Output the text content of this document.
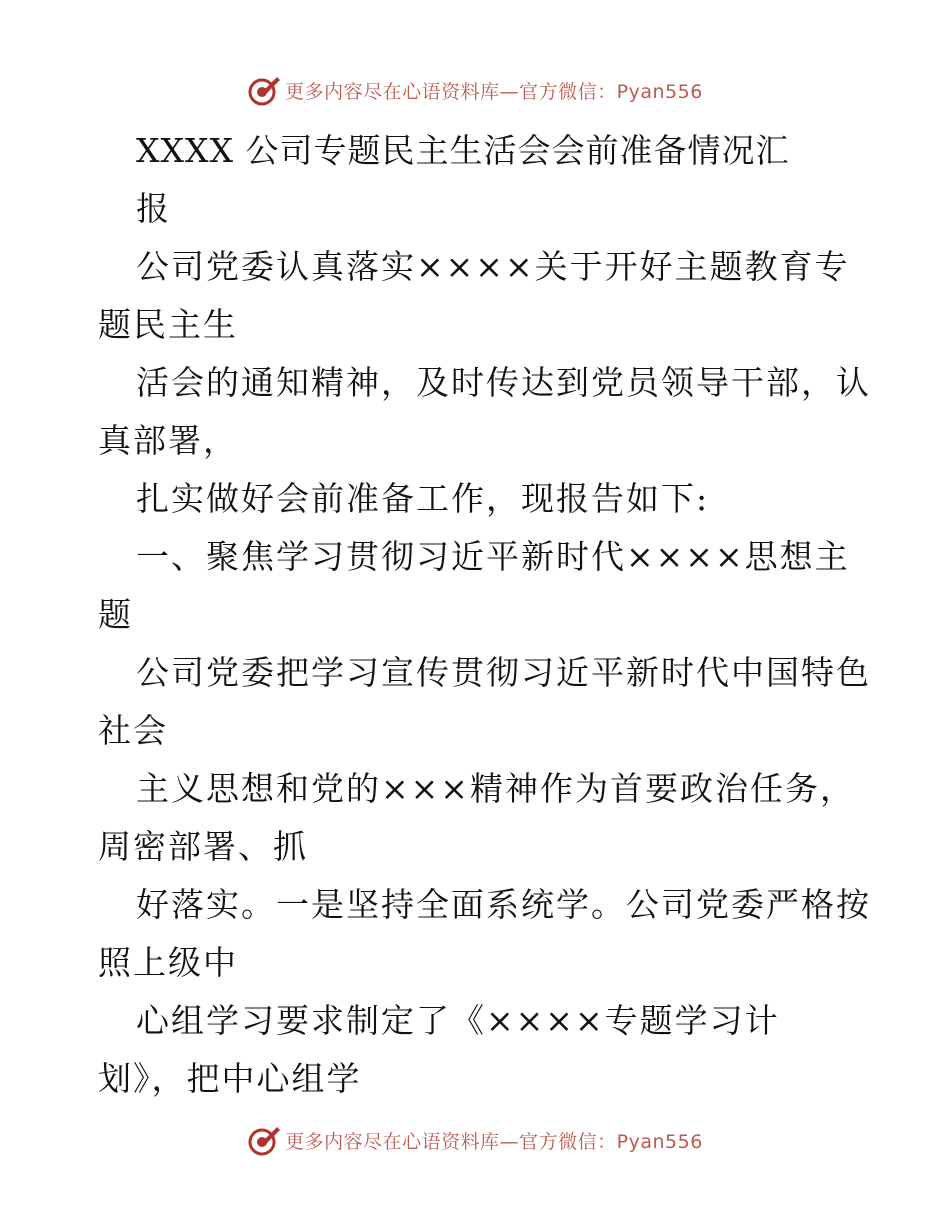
更多内容尽在心语资料库—官方微信：Pyan556
XXXX 公司专题民主生活会会前准备情况汇
报
公司党委认真落实××××关于开好主题教育专
题民主生
活会的通知精神，及时传达到党员领导干部，认
真部署，
扎实做好会前准备工作，现报告如下:
一、聚焦学习贯彻习近平新时代××××思想主
题
公司党委把学习宣传贯彻习近平新时代中国特色
社会
主义思想和党的×××精神作为首要政治任务，
周密部署、抓
好落实。一是坚持全面系统学。公司党委严格按
照上级中
心组学习要求制定了《××××专题学习计
划》，把中心组学
更多内容尽在心语资料库—官方微信：Pyan556
